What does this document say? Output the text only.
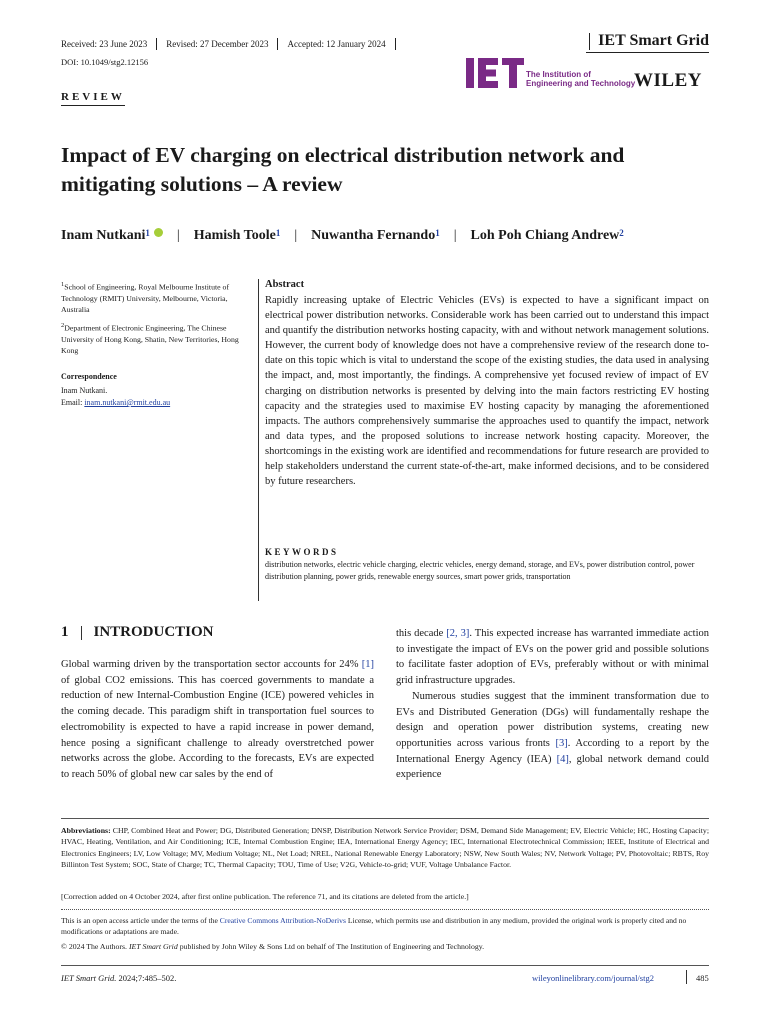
Received: 23 June 2023 Revised: 27 December 2023 Accepted: 12 January 2024	IET Smart Grid
DOI: 10.1049/stg2.12156
The Institution of
Engineering and Technology
WILEY
REVIEW
Impact of EV charging on electrical distribution network and mitigating solutions – A review
Inam Nutkani$^1$ | Hamish Toole$^1$ | Nuwantha Fernando$^1$ | Loh Poh Chiang Andrew$^2$
$^1$School of Engineering, Royal Melbourne Institute of Technology (RMIT) University, Melbourne, Victoria, Australia
$^2$Department of Electronic Engineering, The Chinese University of Hong Kong, Shatin, New Territories, Hong Kong
Correspondence
Inam Nutkani.
Email: inam.nutkani@rmit.edu.au
Abstract
Rapidly increasing uptake of Electric Vehicles (EVs) is expected to have a significant impact on electrical power distribution networks. Considerable work has been carried out to understand this impact and quantify the distribution networks hosting capacity, with and without network management solutions. However, the current body of knowledge does not have a comprehensive review of the research done to-date on this topic which is vital to understand the scope of the existing studies, the data used in analysing the impact, and, most importantly, the findings. A comprehensive yet focused review of impact of EV charging on distribution networks is presented by delving into the main factors restricting EV hosting capacity and the strategies used to maximise EV hosting capacity by managing the aforementioned impacts. The authors comprehensively summarise the approaches used to quantify the impact, network and data types, and the proposed solutions to increase network hosting capacity. Moreover, the shortcomings in the existing work are identified and recommendations for future research are provided to help stakeholders understand the current state-of-the-art, make informed decisions, and to be considered by future researchers.
KEYWORDS
distribution networks, electric vehicle charging, electric vehicles, energy demand, storage, and EVs, power distribution control, power distribution planning, power grids, renewable energy sources, smart power grids, transportation
1 INTRODUCTION

Global warming driven by the transportation sector accounts for 24% [1] of global CO2 emissions. This has coerced governments to mandate a reduction of new Internal-Combustion Engine (ICE) powered vehicles in the coming decade. This paradigm shift in transportation fuel sources to electromobility is expected to have a rapid increase in power demand, hence posing a significant challenge to already overstretched power networks across the globe. According to the forecasts, EVs are expected to reach 50% of global new car sales by the end of

this decade [2, 3]. This expected increase has warranted immediate action to investigate the impact of EVs on the power grid and possible solutions to facilitate faster adoption of EVs, preferably without or with minimal grid infrastructure upgrades.

Numerous studies suggest that the imminent transformation due to EVs and Distributed Generation (DGs) will fundamentally reshape the design and operation power distribution systems, creating new opportunities across various fronts [3]. According to a report by the International Energy Agency (IEA) [4], global network demand could experience

Abbreviations: CHP, Combined Heat and Power; DG, Distributed Generation; DNSP, Distribution Network Service Provider; DSM, Demand Side Management; EV, Electric Vehicle; HC, Hosting Capacity; HVAC, Heating, Ventilation, and Air Conditioning; ICE, Internal Combustion Engine; IEA, International Energy Agency; IEC, International Electrotechnical Commission; IEEE, Institute of Electrical and Electronics Engineers; LV, Low Voltage; MV, Medium Voltage; NL, Net Load; NREL, National Renewable Energy Laboratory; NSW, New South Wales; NV, Network Voltage; PV, Photovoltaic; RBTS, Roy Billinton Test System; SOC, State of Charge; TC, Thermal Capacity; TOU, Time of Use; V2G, Vehicle-to-grid; VUF, Voltage Unbalance Factor.
[Correction added on 4 October 2024, after first online publication. The reference 71, and its citations are deleted from the article.]
This is an open access article under the terms of the Creative Commons Attribution-NoDerivs License, which permits use and distribution in any medium, provided the original work is properly cited and no modifications or adaptations are made.
© 2024 The Authors. IET Smart Grid published by John Wiley & Sons Ltd on behalf of The Institution of Engineering and Technology.
IET Smart Grid. 2024;7:485–502.	wileyonlinelibrary.com/journal/stg2	485
